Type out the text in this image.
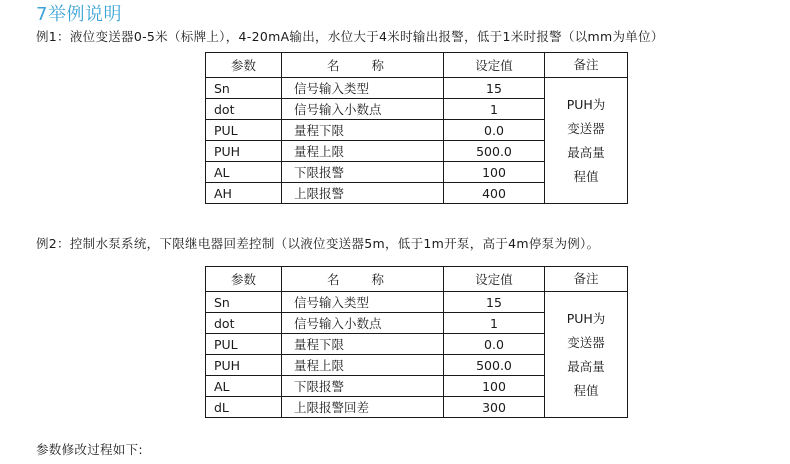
7举例说明
例1：液位变送器0-5米（标牌上），4-20mA输出，水位大于4米时输出报警，低于1米时报警（以mm为单位）
参数	名 称	设定值	备注
Sn	信号输入类型	15	PUH为
变送器
最高量
程值

dot	信号输入小数点	1	
PUL	量程下限	0.0	
PUH	量程上限	500.0	
AL	下限报警	100	
AH	上限报警	400	
例2：控制水泵系统，下限继电器回差控制（以液位变送器5m，低于1m开泵，高于4m停泵为例）。
参数	名 称	设定值	备注
Sn	信号输入类型	15	PUH为
变送器
最高量
程值

dot	信号输入小数点	1	
PUL	量程下限	0.0	
PUH	量程上限	500.0	
AL	下限报警	100	
dL	上限报警回差	300	
参数修改过程如下:
